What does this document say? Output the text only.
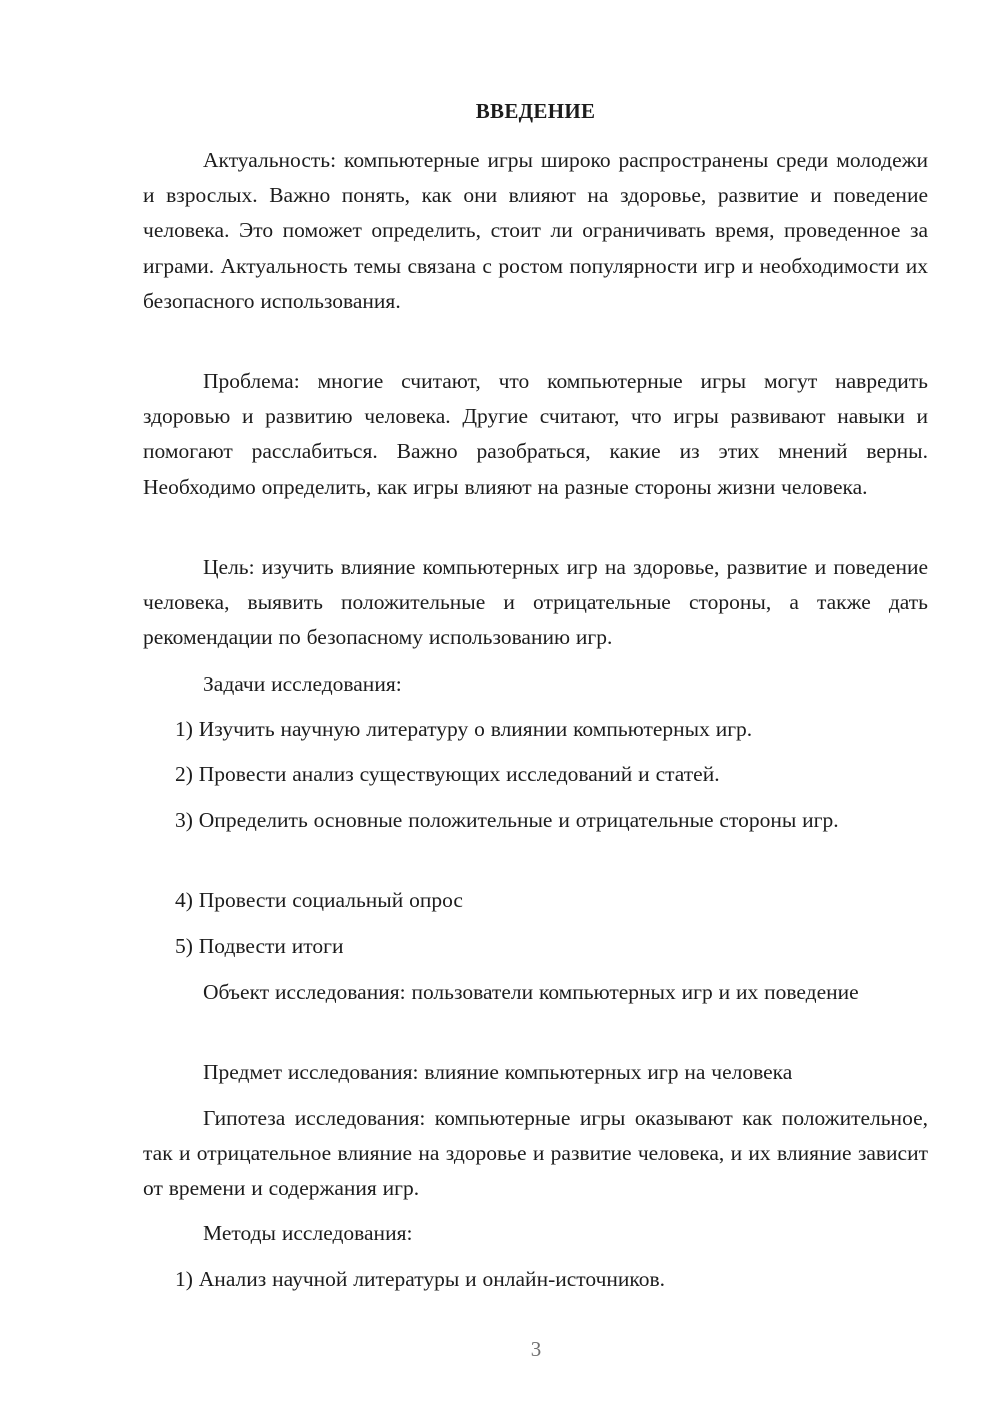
ВВЕДЕНИЕ

Актуальность: компьютерные игры широко распространены среди молодежи и взрослых. Важно понять, как они влияют на здоровье, развитие и поведение человека. Это поможет определить, стоит ли ограничивать время, проведенное за играми. Актуальность темы связана с ростом популярности игр и необходимости их безопасного использования.

Проблема: многие считают, что компьютерные игры могут навредить здоровью и развитию человека. Другие считают, что игры развивают навыки и помогают расслабиться. Важно разобраться, какие из этих мнений верны. Необходимо определить, как игры влияют на разные стороны жизни человека.

Цель: изучить влияние компьютерных игр на здоровье, развитие и поведение человека, выявить положительные и отрицательные стороны, а также дать рекомендации по безопасному использованию игр.

Задачи исследования:

1) Изучить научную литературу о влиянии компьютерных игр.

2) Провести анализ существующих исследований и статей.

3) Определить основные положительные и отрицательные стороны игр.

4) Провести социальный опрос

5) Подвести итоги

Объект исследования: пользователи компьютерных игр и их поведение

Предмет исследования: влияние компьютерных игр на человека

Гипотеза исследования: компьютерные игры оказывают как положительное, так и отрицательное влияние на здоровье и развитие человека, и их влияние зависит от времени и содержания игр.

Методы исследования:

1) Анализ научной литературы и онлайн-источников.

3
